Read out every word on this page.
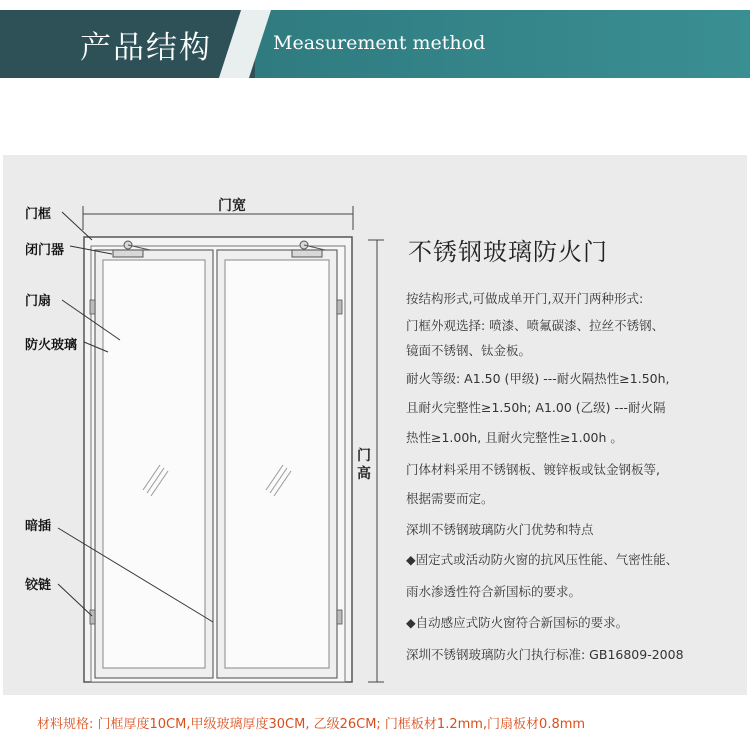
产品结构	Measurement method
门宽
门高
门框
闭门器
门扇
防火玻璃
暗插
铰链
不锈钢玻璃防火门
按结构形式,可做成单开门,双开门两种形式:
门框外观选择: 喷漆、喷氟碳漆、拉丝不锈钢、
镜面不锈钢、钛金板。
耐火等级: A1.50 (甲级) ---耐火隔热性≥1.50h,
且耐火完整性≥1.50h; A1.00 (乙级) ---耐火隔
热性≥1.00h, 且耐火完整性≥1.00h 。
门体材料采用不锈钢板、镀锌板或钛金钢板等,
根据需要而定。
深圳不锈钢玻璃防火门优势和特点
◆固定式或活动防火窗的抗风压性能、气密性能、
雨水渗透性符合新国标的要求。
◆自动感应式防火窗符合新国标的要求。
深圳不锈钢玻璃防火门执行标准: GB16809-2008
材料规格: 门框厚度10CM,甲级玻璃厚度30CM, 乙级26CM; 门框板材1.2mm,门扇板材0.8mm
